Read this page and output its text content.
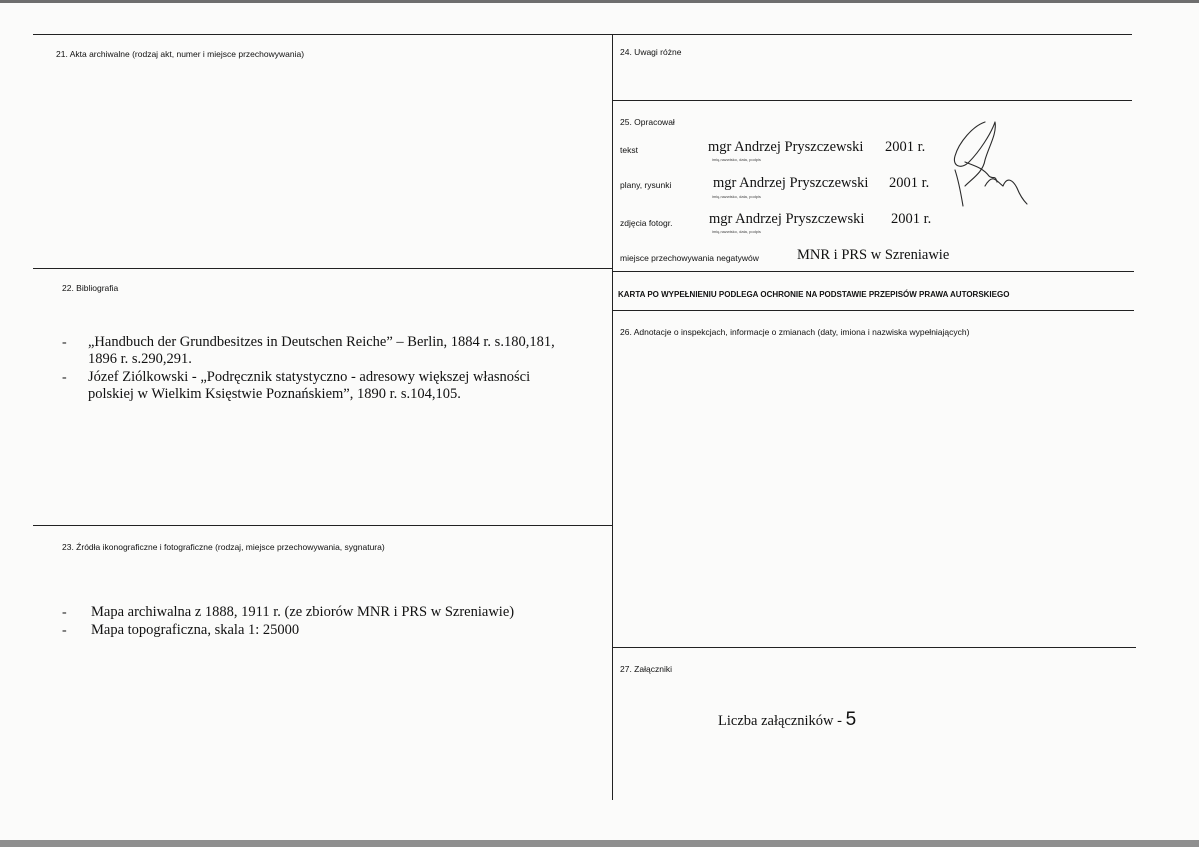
21. Akta archiwalne (rodzaj akt, numer i miejsce przechowywania)
22. Bibliografia
- „Handbuch der Grundbesitzes in Deutschen Reiche” – Berlin, 1884 r. s.180,181,
1896 r. s.290,291.
- Józef Ziólkowski - „Podręcznik statystyczno - adresowy większej własności
polskiej w Wielkim Księstwie Poznańskiem”, 1890 r. s.104,105.
23. Źródła ikonograficzne i fotograficzne (rodzaj, miejsce przechowywania, sygnatura)
- Mapa archiwalna z 1888, 1911 r. (ze zbiorów MNR i PRS w Szreniawie)
- Mapa topograficzna, skala 1: 25000
24. Uwagi różne
25. Opracował
tekst	mgr Andrzej Pryszczewski 2001 r.
imię,nazwisko, data, podpis
plany, rysunki	mgr Andrzej Pryszczewski 2001 r.
imię,nazwisko, data, podpis
zdjęcia fotogr.	mgr Andrzej Pryszczewski 2001 r.
imię,nazwisko, data, podpis
miejsce przechowywania negatywów	MNR i PRS w Szreniawie
KARTA PO WYPEŁNIENIU PODLEGA OCHRONIE NA PODSTAWIE PRZEPISÓW PRAWA AUTORSKIEGO
26. Adnotacje o inspekcjach, informacje o zmianach (daty, imiona i nazwiska wypełniających)
27. Załączniki
Liczba załączników - 5
